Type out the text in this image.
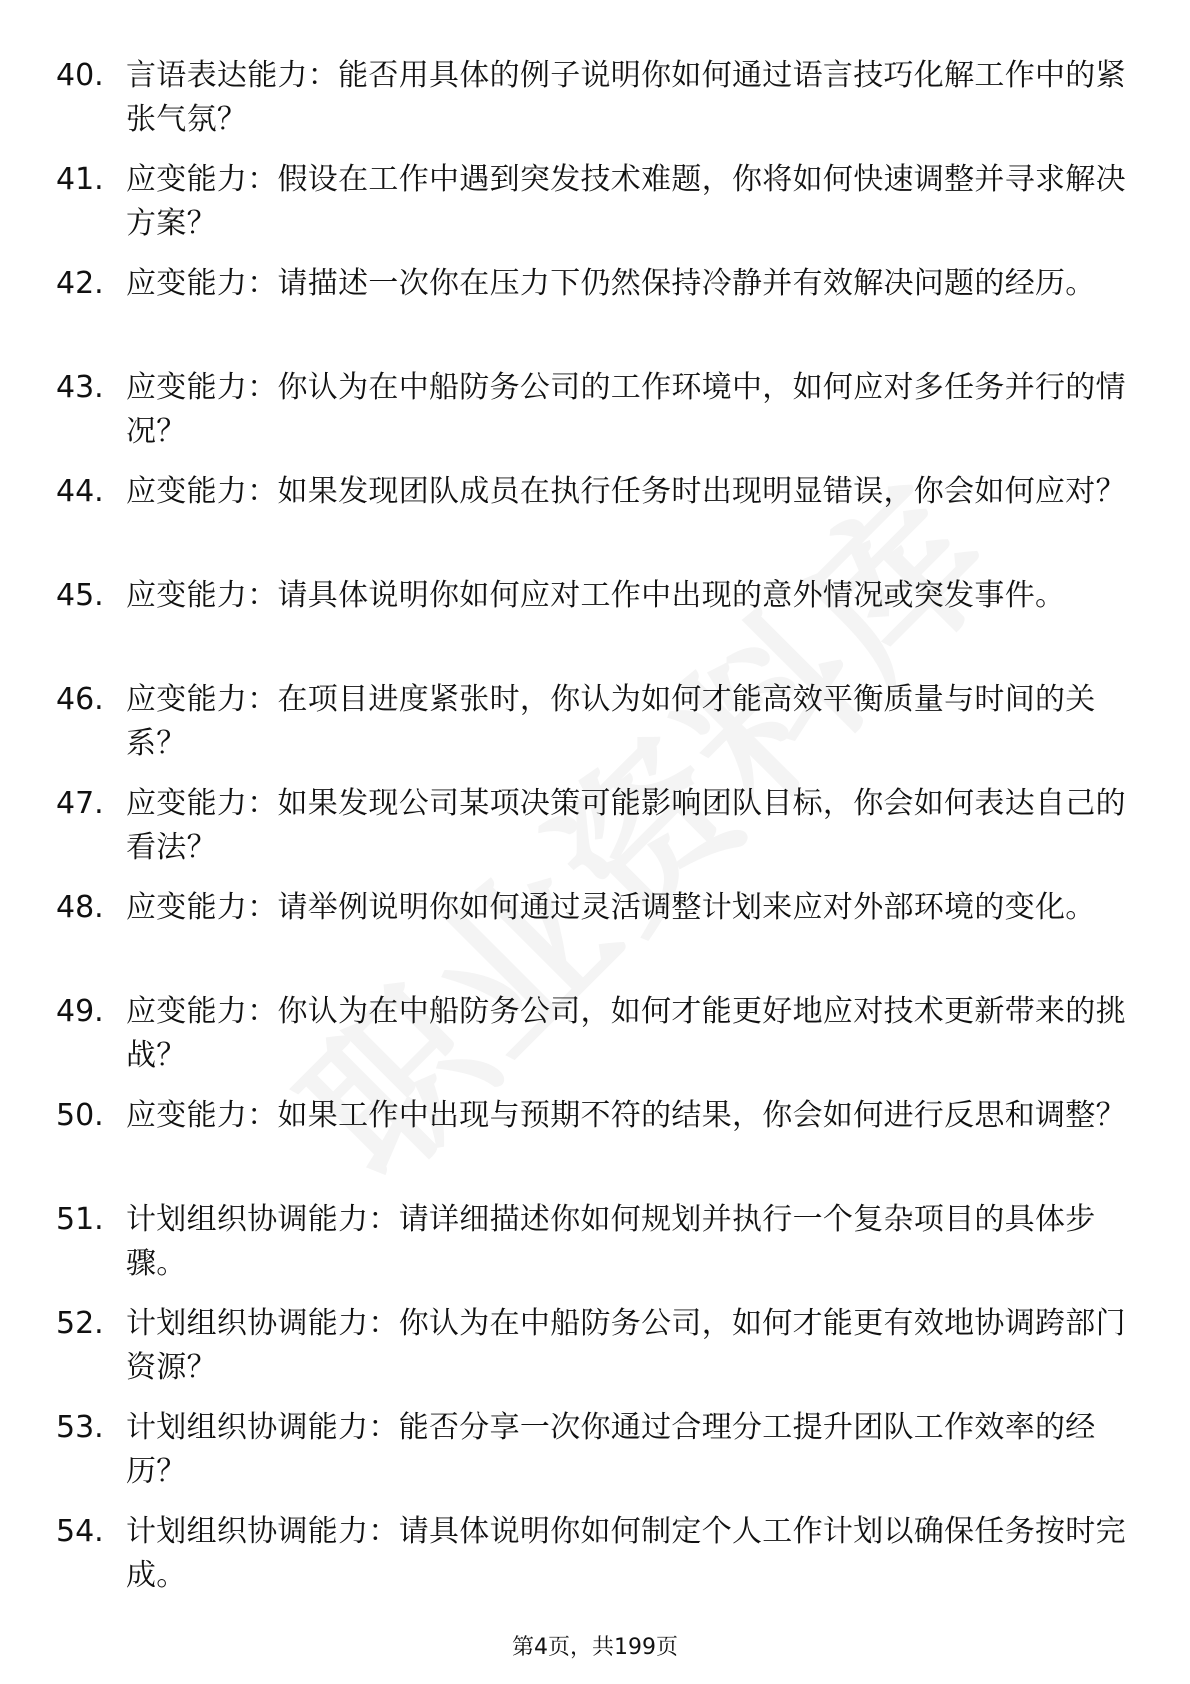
40. 言语表达能力：能否用具体的例子说明你如何通过语言技巧化解工作中的紧张气氛？
41. 应变能力：假设在工作中遇到突发技术难题，你将如何快速调整并寻求解决方案？
42. 应变能力：请描述一次你在压力下仍然保持冷静并有效解决问题的经历。
43. 应变能力：你认为在中船防务公司的工作环境中，如何应对多任务并行的情况？
44. 应变能力：如果发现团队成员在执行任务时出现明显错误，你会如何应对？
45. 应变能力：请具体说明你如何应对工作中出现的意外情况或突发事件。
46. 应变能力：在项目进度紧张时，你认为如何才能高效平衡质量与时间的关系？
47. 应变能力：如果发现公司某项决策可能影响团队目标，你会如何表达自己的看法？
48. 应变能力：请举例说明你如何通过灵活调整计划来应对外部环境的变化。
49. 应变能力：你认为在中船防务公司，如何才能更好地应对技术更新带来的挑战？
50. 应变能力：如果工作中出现与预期不符的结果，你会如何进行反思和调整？
51. 计划组织协调能力：请详细描述你如何规划并执行一个复杂项目的具体步骤。
52. 计划组织协调能力：你认为在中船防务公司，如何才能更有效地协调跨部门资源？
53. 计划组织协调能力：能否分享一次你通过合理分工提升团队工作效率的经历？
54. 计划组织协调能力：请具体说明你如何制定个人工作计划以确保任务按时完成。
第4页，共199页
